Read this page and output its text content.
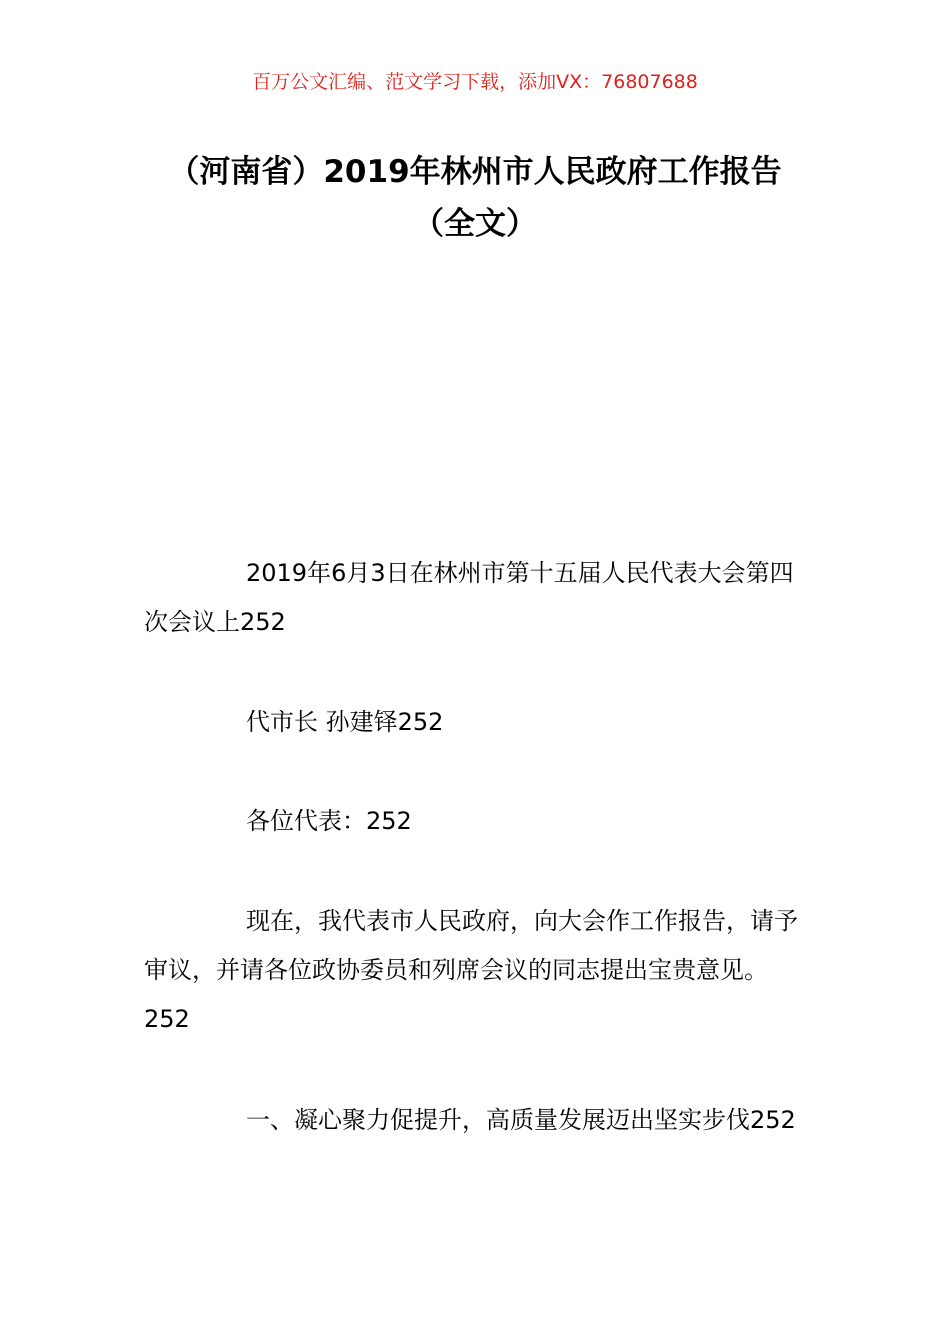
百万公文汇编、范文学习下载，添加VX：76807688
（河南省）2019年林州市人民政府工作报告（全文）
2019年6月3日在林州市第十五届人民代表大会第四次会议上252
代市长 孙建铎252
各位代表：252
现在，我代表市人民政府，向大会作工作报告，请予审议，并请各位政协委员和列席会议的同志提出宝贵意见。252
一、凝心聚力促提升，高质量发展迈出坚实步伐252
